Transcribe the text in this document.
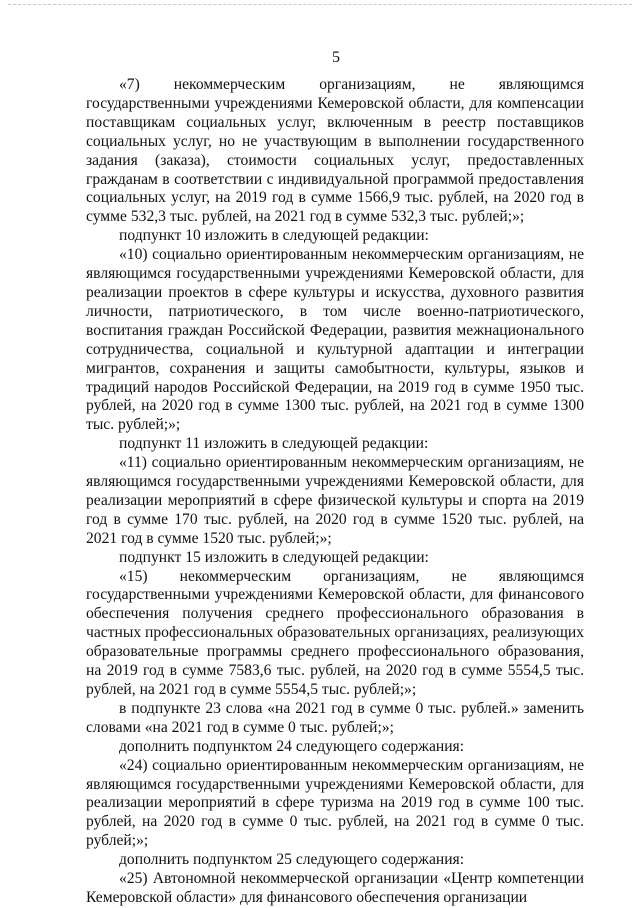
5

«7) некоммерческим организациям, не являющимся государственными учреждениями Кемеровской области, для компенсации поставщикам социальных услуг, включенным в реестр поставщиков социальных услуг, но не участвующим в выполнении государственного задания (заказа), стоимости социальных услуг, предоставленных гражданам в соответствии с индивидуальной программой предоставления социальных услуг, на 2019 год в сумме 1566,9 тыс. рублей, на 2020 год в сумме 532,3 тыс. рублей, на 2021 год в сумме 532,3 тыс. рублей;»;

подпункт 10 изложить в следующей редакции:

«10) социально ориентированным некоммерческим организациям, не являющимся государственными учреждениями Кемеровской области, для реализации проектов в сфере культуры и искусства, духовного развития личности, патриотического, в том числе военно-патриотического, воспитания граждан Российской Федерации, развития межнационального сотрудничества, социальной и культурной адаптации и интеграции мигрантов, сохранения и защиты самобытности, культуры, языков и традиций народов Российской Федерации, на 2019 год в сумме 1950 тыс. рублей, на 2020 год в сумме 1300 тыс. рублей, на 2021 год в сумме 1300 тыс. рублей;»;

подпункт 11 изложить в следующей редакции:

«11) социально ориентированным некоммерческим организациям, не являющимся государственными учреждениями Кемеровской области, для реализации мероприятий в сфере физической культуры и спорта на 2019 год в сумме 170 тыс. рублей, на 2020 год в сумме 1520 тыс. рублей, на 2021 год в сумме 1520 тыс. рублей;»;

подпункт 15 изложить в следующей редакции:

«15) некоммерческим организациям, не являющимся государственными учреждениями Кемеровской области, для финансового обеспечения получения среднего профессионального образования в частных профессиональных образовательных организациях, реализующих образовательные программы среднего профессионального образования, на 2019 год в сумме 7583,6 тыс. рублей, на 2020 год в сумме 5554,5 тыс. рублей, на 2021 год в сумме 5554,5 тыс. рублей;»;

в подпункте 23 слова «на 2021 год в сумме 0 тыс. рублей.» заменить словами «на 2021 год в сумме 0 тыс. рублей;»;

дополнить подпунктом 24 следующего содержания:

«24) социально ориентированным некоммерческим организациям, не являющимся государственными учреждениями Кемеровской области, для реализации мероприятий в сфере туризма на 2019 год в сумме 100 тыс. рублей, на 2020 год в сумме 0 тыс. рублей, на 2021 год в сумме 0 тыс. рублей;»;

дополнить подпунктом 25 следующего содержания:

«25) Автономной некоммерческой организации «Центр компетенции Кемеровской области» для финансового обеспечения организации
